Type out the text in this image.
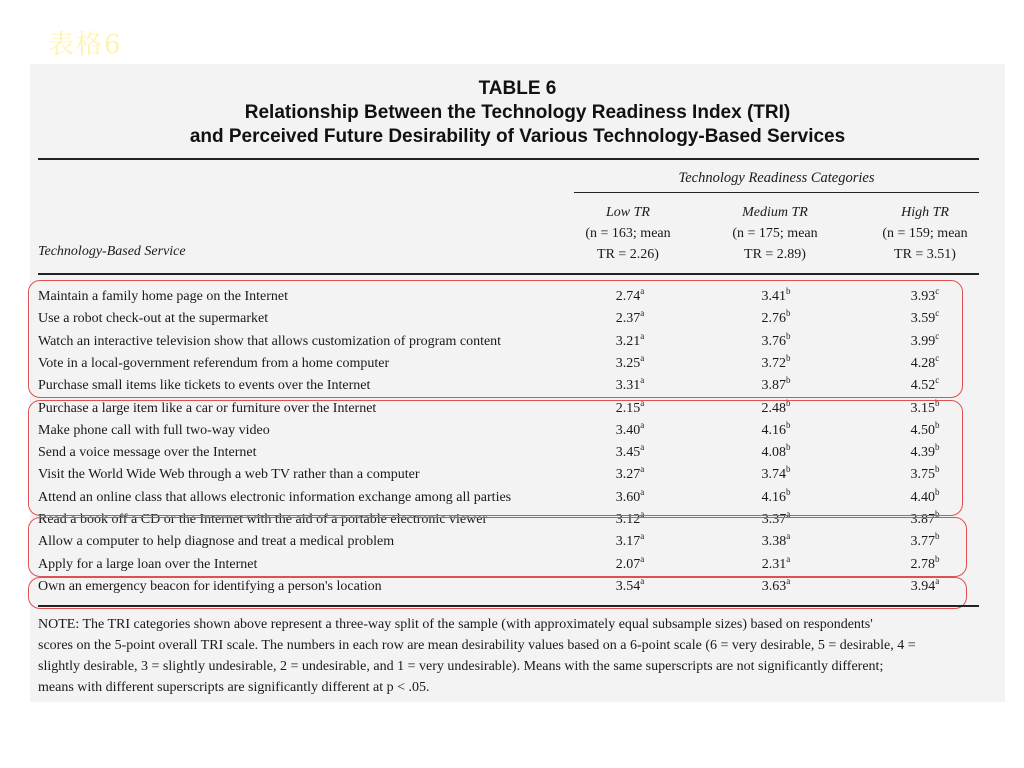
表格6
TABLE 6
Relationship Between the Technology Readiness Index (TRI)
and Perceived Future Desirability of Various Technology-Based Services
Technology Readiness Categories
Low TR
(n = 163; mean
TR = 2.26)
Medium TR
(n = 175; mean
TR = 2.89)
High TR
(n = 159; mean
TR = 3.51)
Technology-Based Service
Maintain a family home page on the Internet	2.74$^a$	3.41$^b$	3.93$^c$
Use a robot check-out at the supermarket	2.37$^a$	2.76$^b$	3.59$^c$
Watch an interactive television show that allows customization of program content	3.21$^a$	3.76$^b$	3.99$^c$
Vote in a local-government referendum from a home computer	3.25$^a$	3.72$^b$	4.28$^c$
Purchase small items like tickets to events over the Internet	3.31$^a$	3.87$^b$	4.52$^c$
Purchase a large item like a car or furniture over the Internet	2.15$^a$	2.48$^b$	3.15$^b$
Make phone call with full two-way video	3.40$^a$	4.16$^b$	4.50$^b$
Send a voice message over the Internet	3.45$^a$	4.08$^b$	4.39$^b$
Visit the World Wide Web through a web TV rather than a computer	3.27$^a$	3.74$^b$	3.75$^b$
Attend an online class that allows electronic information exchange among all parties	3.60$^a$	4.16$^b$	4.40$^b$
Read a book off a CD or the Internet with the aid of a portable electronic viewer	3.12$^a$	3.37$^a$	3.87$^b$
Allow a computer to help diagnose and treat a medical problem	3.17$^a$	3.38$^a$	3.77$^b$
Apply for a large loan over the Internet	2.07$^a$	2.31$^a$	2.78$^b$
Own an emergency beacon for identifying a person's location	3.54$^a$	3.63$^a$	3.94$^a$
NOTE: The TRI categories shown above represent a three-way split of the sample (with approximately equal subsample sizes) based on respondents'
scores on the 5-point overall TRI scale. The numbers in each row are mean desirability values based on a 6-point scale (6 = very desirable, 5 = desirable, 4 =
slightly desirable, 3 = slightly undesirable, 2 = undesirable, and 1 = very undesirable). Means with the same superscripts are not significantly different;
means with different superscripts are significantly different at p < .05.
